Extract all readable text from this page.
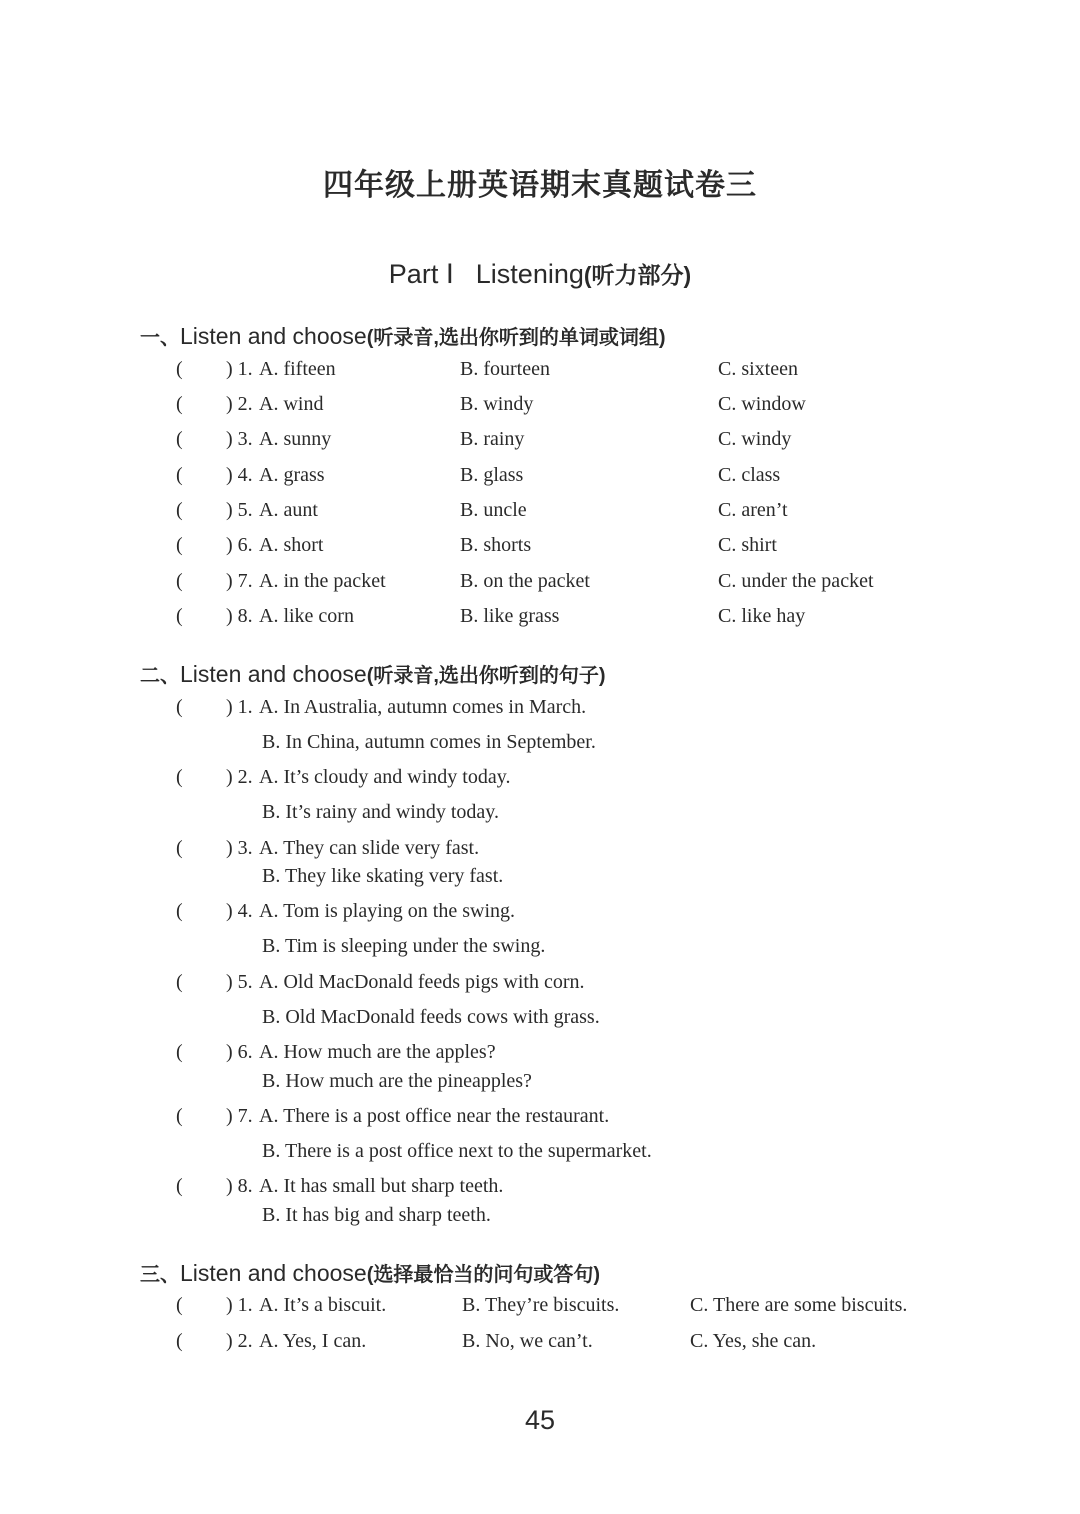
四年级上册英语期末真题试卷三
Part Ⅰ Listening(听力部分)
一、Listen and choose(听录音,选出你听到的单词或词组)
( ) 1. A. fifteen	B. fourteen	C. sixteen
( ) 2. A. wind	B. windy	C. window
( ) 3. A. sunny	B. rainy	C. windy
( ) 4. A. grass	B. glass	C. class
( ) 5. A. aunt	B. uncle	C. aren’t
( ) 6. A. short	B. shorts	C. shirt
( ) 7. A. in the packet	B. on the packet	C. under the packet
( ) 8. A. like corn	B. like grass	C. like hay
二、Listen and choose(听录音,选出你听到的句子)
( ) 1. A. In Australia, autumn comes in March.
B. In China, autumn comes in September.
( ) 2. A. It’s cloudy and windy today.
B. It’s rainy and windy today.
( ) 3. A. They can slide very fast.
B. They like skating very fast.
( ) 4. A. Tom is playing on the swing.
B. Tim is sleeping under the swing.
( ) 5. A. Old MacDonald feeds pigs with corn.
B. Old MacDonald feeds cows with grass.
( ) 6. A. How much are the apples?
B. How much are the pineapples?
( ) 7. A. There is a post office near the restaurant.
B. There is a post office next to the supermarket.
( ) 8. A. It has small but sharp teeth.
B. It has big and sharp teeth.
三、Listen and choose(选择最恰当的问句或答句)
( ) 1. A. It’s a biscuit.	B. They’re biscuits.	C. There are some biscuits.
( ) 2. A. Yes, I can.	B. No, we can’t.	C. Yes, she can.
45
